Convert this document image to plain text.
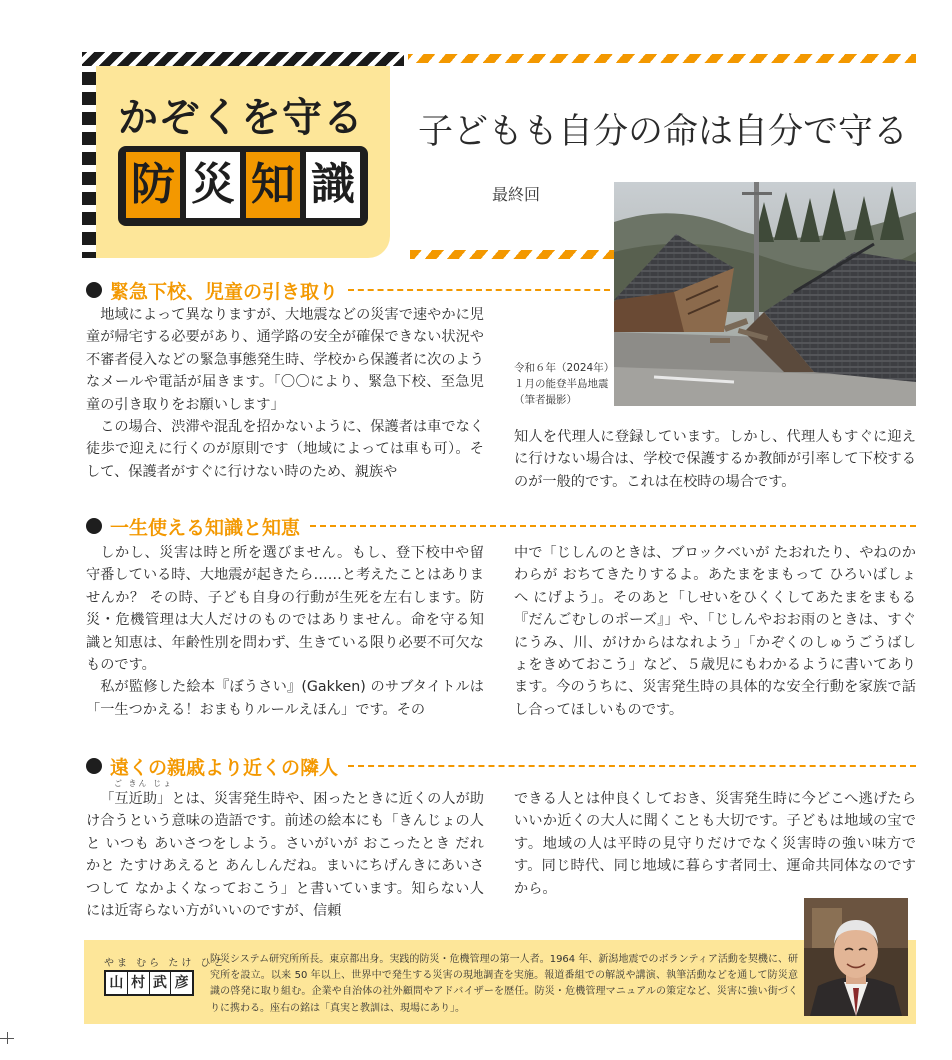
かぞくを守る
防 災 知 識
子どもも自分の命は自分で守る
最終回
令和６年（2024年）１月の能登半島地震（筆者撮影）
緊急下校、児童の引き取り

地域によって異なりますが、大地震などの災害で速やかに児童が帰宅する必要があり、通学路の安全が確保できない状況や不審者侵入などの緊急事態発生時、学校から保護者に次のようなメールや電話が届きます。「〇〇により、緊急下校、至急児童の引き取りをお願いします」

この場合、渋滞や混乱を招かないように、保護者は車でなく徒歩で迎えに行くのが原則です（地域によっては車も可）。そして、保護者がすぐに行けない時のため、親族や

知人を代理人に登録しています。しかし、代理人もすぐに迎えに行けない場合は、学校で保護するか教師が引率して下校するのが一般的です。これは在校時の場合です。

一生使える知識と知恵

しかし、災害は時と所を選びません。もし、登下校中や留守番している時、大地震が起きたら……と考えたことはありませんか？ その時、子ども自身の行動が生死を左右します。防災・危機管理は大人だけのものではありません。命を守る知識と知恵は、年齢性別を問わず、生きている限り必要不可欠なものです。

私が監修した絵本『ぼうさい』(Gakken) のサブタイトルは「一生つかえる！おまもりルールえほん」です。その

中で「じしんのときは、ブロックべいが たおれたり、やねのかわらが おちてきたりするよ。あたまをまもって ひろいばしょへ にげよう」。そのあと「しせいをひくくしてあたまをまもる『だんごむしのポーズ』」や、「じしんやおお雨のときは、すぐにうみ、川、がけからはなれよう」「かぞくのしゅうごうばしょをきめておこう」など、５歳児にもわかるように書いてあります。今のうちに、災害発生時の具体的な安全行動を家族で話し合ってほしいものです。

遠くの親戚より近くの隣人
ご きん じょ

「互近助」とは、災害発生時や、困ったときに近くの人が助け合うという意味の造語です。前述の絵本にも「きんじょの人と いつも あいさつをしよう。さいがいが おこったとき だれかと たすけあえると あんしんだね。まいにちげんきにあいさつして なかよくなっておこう」と書いています。知らない人には近寄らない方がいいのですが、信頼

できる人とは仲良くしておき、災害発生時に今どこへ逃げたらいいか近くの大人に聞くことも大切です。子どもは地域の宝です。地域の人は平時の見守りだけでなく災害時の強い味方です。同じ時代、同じ地域に暮らす者同士、運命共同体なのですから。

やま むら たけ ひこ
山 村 武 彦
防災システム研究所所長。東京都出身。実践的防災・危機管理の第一人者。1964 年、新潟地震でのボランティア活動を契機に、研究所を設立。以来 50 年以上、世界中で発生する災害の現地調査を実施。報道番組での解説や講演、執筆活動などを通して防災意識の啓発に取り組む。企業や自治体の社外顧問やアドバイザーを歴任。防災・危機管理マニュアルの策定など、災害に強い街づくりに携わる。座右の銘は「真実と教訓は、現場にあり」。
